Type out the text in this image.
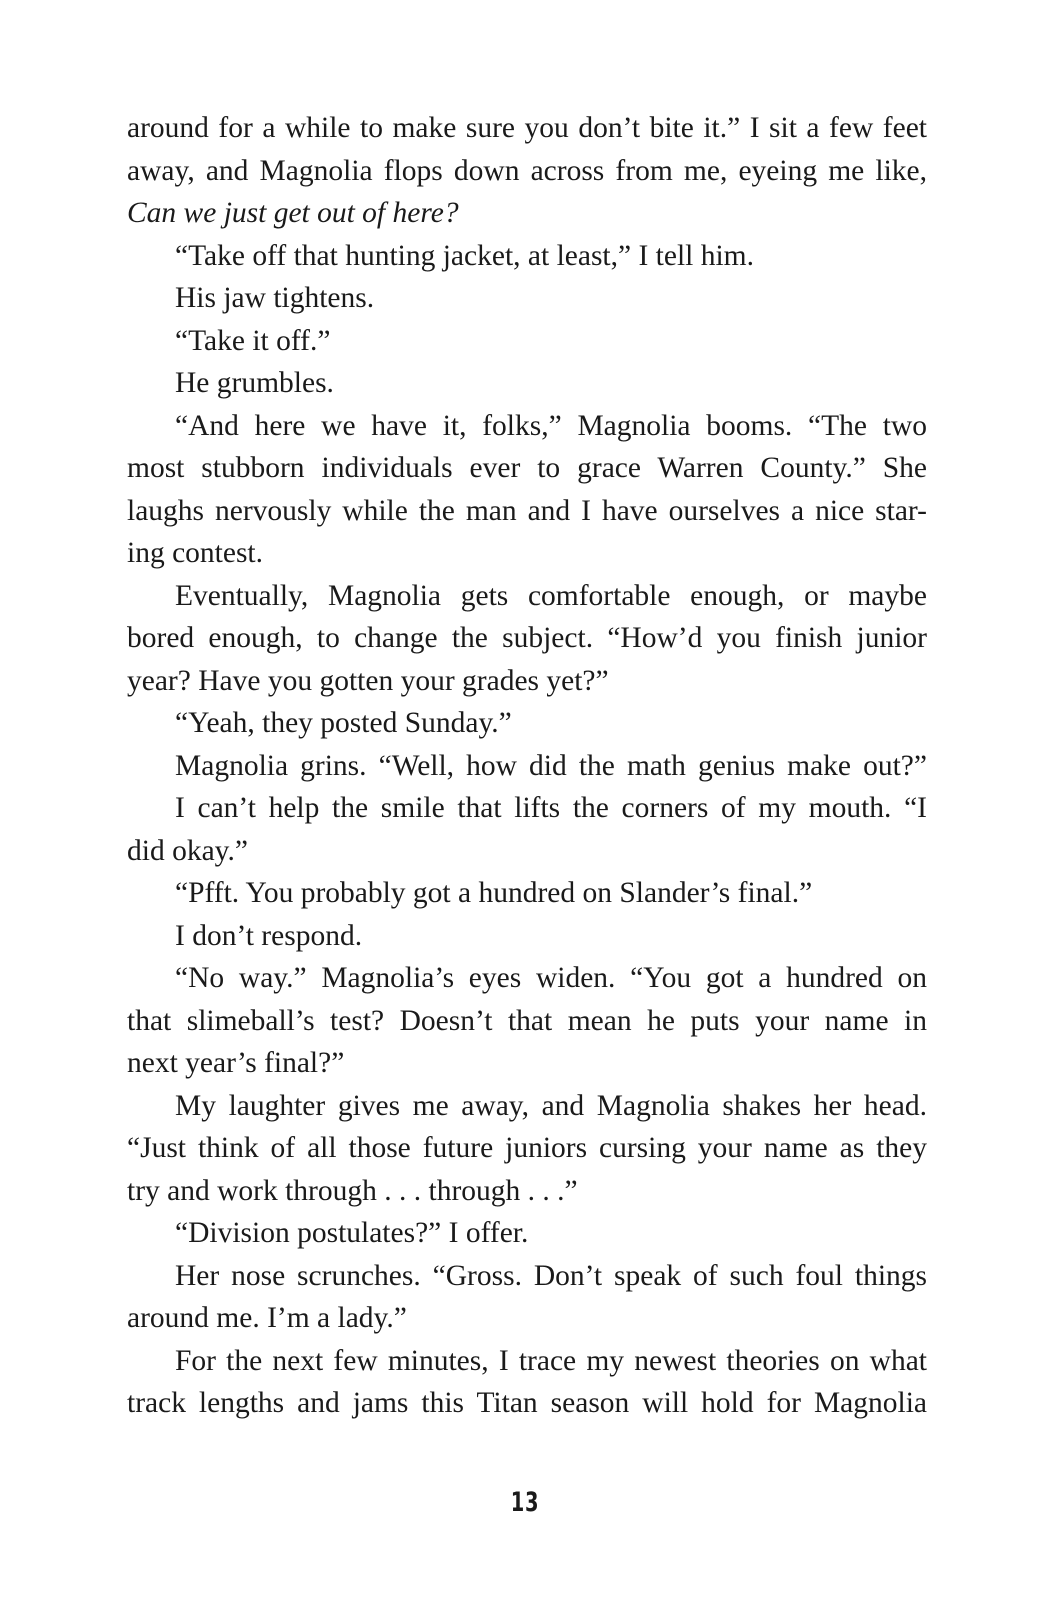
around for a while to make sure you don’t bite it.” I sit a few feet
away, and Magnolia flops down across from me, eyeing me like,
Can we just get out of here?
“Take off that hunting jacket, at least,” I tell him.
His jaw tightens.
“Take it off.”
He grumbles.
“And here we have it, folks,” Magnolia booms. “The two
most stubborn individuals ever to grace Warren County.” She
laughs nervously while the man and I have ourselves a nice star-
ing contest.
Eventually, Magnolia gets comfortable enough, or maybe
bored enough, to change the subject. “How’d you finish junior
year? Have you gotten your grades yet?”
“Yeah, they posted Sunday.”
Magnolia grins. “Well, how did the math genius make out?”
I can’t help the smile that lifts the corners of my mouth. “I
did okay.”
“Pfft. You probably got a hundred on Slander’s final.”
I don’t respond.
“No way.” Magnolia’s eyes widen. “You got a hundred on
that slimeball’s test? Doesn’t that mean he puts your name in
next year’s final?”
My laughter gives me away, and Magnolia shakes her head.
“Just think of all those future juniors cursing your name as they
try and work through . . . through . . .”
“Division postulates?” I offer.
Her nose scrunches. “Gross. Don’t speak of such foul things
around me. I’m a lady.”
For the next few minutes, I trace my newest theories on what
track lengths and jams this Titan season will hold for Magnolia
13
